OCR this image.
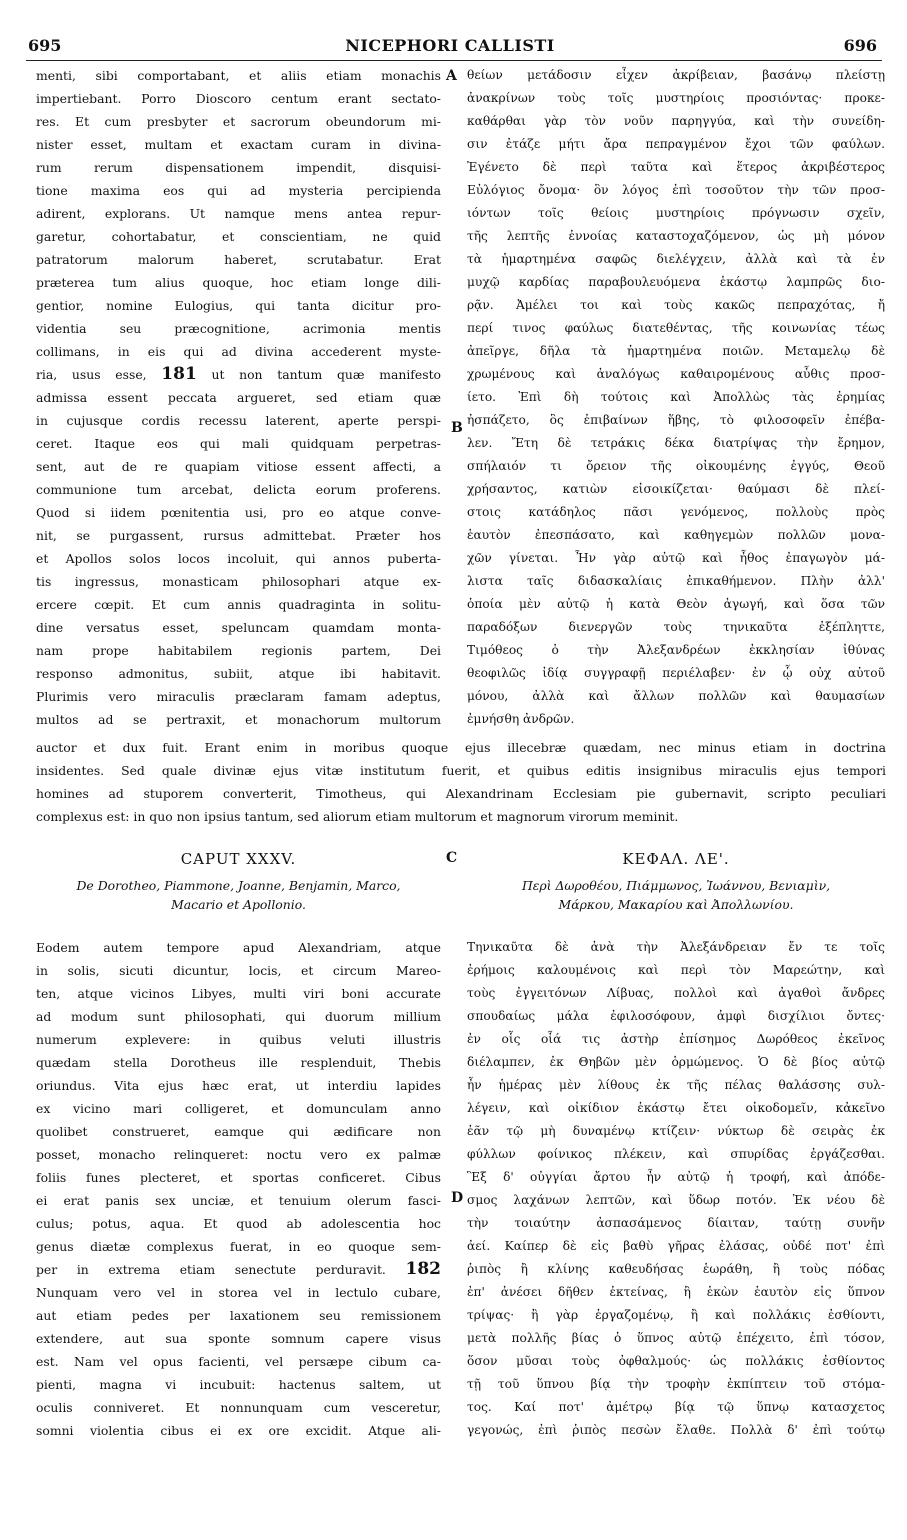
695	NICEPHORI CALLISTI	696
A
B
C
D
menti, sibi comportabant, et aliis etiam monachis
impertiebant. Porro Dioscoro centum erant sectato-
res. Et cum presbyter et sacrorum obeundorum mi-
nister esset, multam et exactam curam in divina-
rum rerum dispensationem impendit, disquisi-
tione maxima eos qui ad mysteria percipienda
adirent, explorans. Ut namque mens antea repur-
garetur, cohortabatur, et conscientiam, ne quid
patratorum malorum haberet, scrutabatur. Erat
præterea tum alius quoque, hoc etiam longe dili-
gentior, nomine Eulogius, qui tanta dicitur pro-
videntia seu præcognitione, acrimonia mentis
collimans, in eis qui ad divina accederent myste-
ria, usus esse, 181 ut non tantum quæ manifesto
admissa essent peccata argueret, sed etiam quæ
in cujusque cordis recessu laterent, aperte perspi-
ceret. Itaque eos qui mali quidquam perpetras-
sent, aut de re quapiam vitiose essent affecti, a
communione tum arcebat, delicta eorum proferens.
Quod si iidem pœnitentia usi, pro eo atque conve-
nit, se purgassent, rursus admittebat. Præter hos
et Apollos solos locos incoluit, qui annos puberta-
tis ingressus, monasticam philosophari atque ex-
ercere cœpit. Et cum annis quadraginta in solitu-
dine versatus esset, speluncam quamdam monta-
nam prope habitabilem regionis partem, Dei
responso admonitus, subiit, atque ibi habitavit.
Plurimis vero miraculis præclaram famam adeptus,
multos ad se pertraxit, et monachorum multorum
θείων μετάδοσιν εἶχεν ἀκρίβειαν, βασάνῳ πλείστῃ
ἀνακρίνων τοὺς τοῖς μυστηρίοις προσιόντας· προκε-
καθάρθαι γὰρ τὸν νοῦν παρηγγύα, καὶ τὴν συνείδη-
σιν ἐτάζε μήτι ἄρα πεπραγμένον ἔχοι τῶν φαύλων.
Ἐγένετο δὲ περὶ ταῦτα καὶ ἕτερος ἀκριβέστερος
Εὐλόγιος ὄνομα· ὃν λόγος ἐπὶ τοσοῦτον τὴν τῶν προσ-
ιόντων τοῖς θείοις μυστηρίοις πρόγνωσιν σχεῖν,
τῆς λεπτῆς ἐννοίας καταστοχαζόμενον, ὡς μὴ μόνον
τὰ ἡμαρτημένα σαφῶς διελέγχειν, ἀλλὰ καὶ τὰ ἐν
μυχῷ καρδίας παραβουλευόμενα ἑκάστῳ λαμπρῶς διο-
ρᾷν. Ἀμέλει τοι καὶ τοὺς κακῶς πεπραχότας, ἤ
περί τινος φαύλως διατεθέντας, τῆς κοινωνίας τέως
ἀπεῖργε, δῆλα τὰ ἡμαρτημένα ποιῶν. Μεταμελῳ δὲ
χρωμένους καὶ ἀναλόγως καθαιρομένους αὖθις προσ-
ίετο. Ἐπὶ δὴ τούτοις καὶ Ἀπολλὼς τὰς ἐρημίας
ἠσπάζετο, ὃς ἐπιβαίνων ἥβης, τὸ φιλοσοφεῖν ἐπέβα-
λεν. Ἔτη δὲ τετράκις δέκα διατρίψας τὴν ἔρημον,
σπήλαιόν τι ὄρειον τῆς οἰκουμένης ἐγγύς, Θεοῦ
χρήσαντος, κατιὼν εἰσοικίζεται· θαύμασι δὲ πλεί-
στοις κατάδηλος πᾶσι γενόμενος, πολλοὺς πρὸς
ἑαυτὸν ἐπεσπάσατο, καὶ καθηγεμὼν πολλῶν μονα-
χῶν γίνεται. Ἦν γὰρ αὐτῷ καὶ ἦθος ἐπαγωγὸν μά-
λιστα ταῖς διδασκαλίαις ἐπικαθήμενον. Πλὴν ἀλλ'
ὁποία μὲν αὐτῷ ἡ κατὰ Θεὸν ἀγωγή, καὶ ὅσα τῶν
παραδόξων διενεργῶν τοὺς τηνικαῦτα ἐξέπληττε,
Τιμόθεος ὁ τὴν Ἀλεξανδρέων ἐκκλησίαν ἰθύνας
θεοφιλῶς ἰδίᾳ συγγραφῇ περιέλαβεν· ἐν ᾧ οὐχ αὐτοῦ
μόνου, ἀλλὰ καὶ ἄλλων πολλῶν καὶ θαυμασίων
ἐμνήσθη ἀνδρῶν.
auctor et dux fuit. Erant enim in moribus quoque ejus illecebræ quædam, nec minus etiam in doctrina
insidentes. Sed quale divinæ ejus vitæ institutum fuerit, et quibus editis insignibus miraculis ejus tempori
homines ad stuporem converterit, Timotheus, qui Alexandrinam Ecclesiam pie gubernavit, scripto peculiari
complexus est: in quo non ipsius tantum, sed aliorum etiam multorum et magnorum virorum meminit.
CAPUT XXXV.
De Dorotheo, Piammone, Joanne, Benjamin, Marco,
Macario et Apollonio.
ΚΕΦΑΛ. ΛΕ'.
Περὶ Δωροθέου, Πιάμμωνος, Ἰωάννου, Βενιαμὶν,
Μάρκου, Μακαρίου καὶ Ἀπολλωνίου.
Eodem autem tempore apud Alexandriam, atque
in solis, sicuti dicuntur, locis, et circum Mareo-
ten, atque vicinos Libyes, multi viri boni accurate
ad modum sunt philosophati, qui duorum millium
numerum explevere: in quibus veluti illustris
quædam stella Dorotheus ille resplenduit, Thebis
oriundus. Vita ejus hæc erat, ut interdiu lapides
ex vicino mari colligeret, et domunculam anno
quolibet construeret, eamque qui ædificare non
posset, monacho relinqueret: noctu vero ex palmæ
foliis funes plecteret, et sportas conficeret. Cibus
ei erat panis sex unciæ, et tenuium olerum fasci-
culus; potus, aqua. Et quod ab adolescentia hoc
genus diætæ complexus fuerat, in eo quoque sem-
per in extrema etiam senectute perduravit. 182
Nunquam vero vel in storea vel in lectulo cubare,
aut etiam pedes per laxationem seu remissionem
extendere, aut sua sponte somnum capere visus
est. Nam vel opus facienti, vel persæpe cibum ca-
pienti, magna vi incubuit: hactenus saltem, ut
oculis conniveret. Et nonnunquam cum vesceretur,
somni violentia cibus ei ex ore excidit. Atque ali-
Τηνικαῦτα δὲ ἀνὰ τὴν Ἀλεξάνδρειαν ἔν τε τοῖς
ἐρήμοις καλουμένοις καὶ περὶ τὸν Μαρεώτην, καὶ
τοὺς ἐγγειτόνων Λίβυας, πολλοὶ καὶ ἀγαθοὶ ἄνδρες
σπουδαίως μάλα ἐφιλοσόφουν, ἀμφὶ δισχίλιοι ὄντες·
ἐν οἷς οἷά τις ἀστὴρ ἐπίσημος Δωρόθεος ἐκεῖνος
διέλαμπεν, ἐκ Θηβῶν μὲν ὁρμώμενος. Ὁ δὲ βίος αὐτῷ
ἦν ἡμέρας μὲν λίθους ἐκ τῆς πέλας θαλάσσης συλ-
λέγειν, καὶ οἰκίδιον ἑκάστῳ ἔτει οἰκοδομεῖν, κἀκεῖνο
ἐᾶν τῷ μὴ δυναμένῳ κτίζειν· νύκτωρ δὲ σειρὰς ἐκ
φύλλων φοίνικος πλέκειν, καὶ σπυρίδας ἐργάζεσθαι.
Ἓξ δ' οὐγγίαι ἄρτου ἦν αὐτῷ ἡ τροφή, καὶ ἀπόδε-
σμος λαχάνων λεπτῶν, καὶ ὕδωρ ποτόν. Ἐκ νέου δὲ
τὴν τοιαύτην ἀσπασάμενος δίαιταν, ταύτῃ συνῆν
ἀεί. Καίπερ δὲ εἰς βαθὺ γῆρας ἐλάσας, οὐδέ ποτ' ἐπὶ
ῥιπὸς ἢ κλίνης καθευδήσας ἑωράθη, ἢ τοὺς πόδας
ἐπ' ἀνέσει δῆθεν ἐκτείνας, ἢ ἑκὼν ἑαυτὸν εἰς ὕπνον
τρίψας· ἢ γὰρ ἐργαζομένῳ, ἢ καὶ πολλάκις ἐσθίοντι,
μετὰ πολλῆς βίας ὁ ὕπνος αὐτῷ ἐπέχειτο, ἐπὶ τόσον,
ὅσον μῦσαι τοὺς ὀφθαλμούς· ὡς πολλάκις ἐσθίοντος
τῇ τοῦ ὕπνου βίᾳ τὴν τροφὴν ἐκπίπτειν τοῦ στόμα-
τος. Καί ποτ' ἀμέτρῳ βίᾳ τῷ ὕπνῳ κατασχετος
γεγονώς, ἐπὶ ῥιπὸς πεσὼν ἔλαθε. Πολλὰ δ' ἐπὶ τούτῳ
